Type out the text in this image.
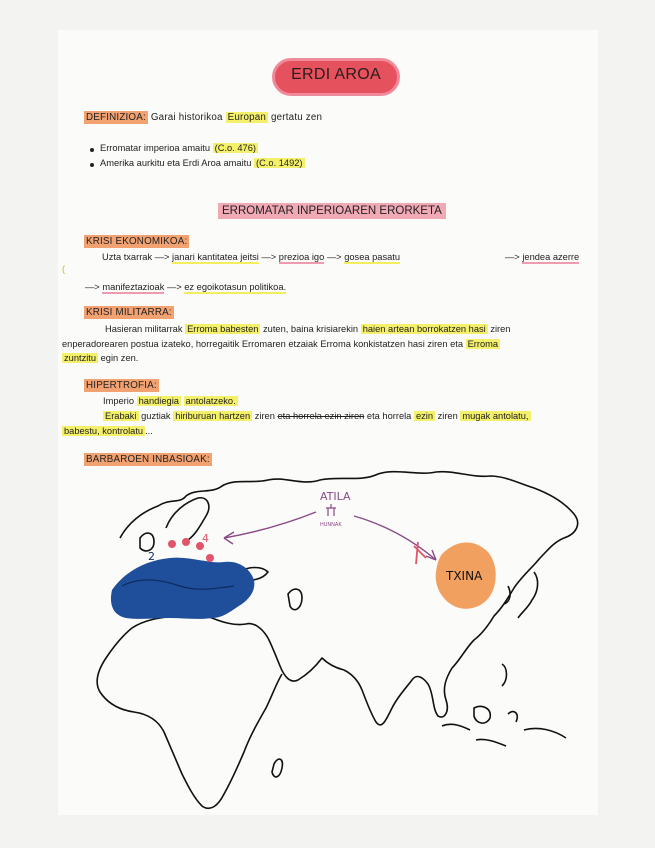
ERDI AROA
DEFINIZIOA: Garai historikoa Europan gertatu zen
Erromatar imperioa amaitu (C.o. 476)
Amerika aurkitu eta Erdi Aroa amaitu (C.o. 1492)
ERROMATAR INPERIOAREN ERORKETA
KRISI EKONOMIKOA:
Uzta txarrak —> janari kantitatea jeitsi —> prezioa igo —> gosea pasatu	—> jendea azerre
(
—> manifeztazioak —> ez egoikotasun politikoa.
KRISI MILITARRA:
Hasieran militarrak Erroma babesten zuten, baina krisiarekin haien artean borrokatzen hasi ziren
enperadorearen postua izateko, horregaitik Erromaren etzaiak Erroma konkistatzen hasi ziren eta Erroma
zuntzitu egin zen.
HIPERTROFIA:
Imperio handiegia antolatzeko.
Erabaki guztiak hiriburuan hartzen ziren eta horrela ezin ziren eta horrela ezin ziren mugak antolatu,
babestu, kontrolatu ...
BARBAROEN INBASIOAK:
2
TXINA
ATILA
HUNNAK
4
